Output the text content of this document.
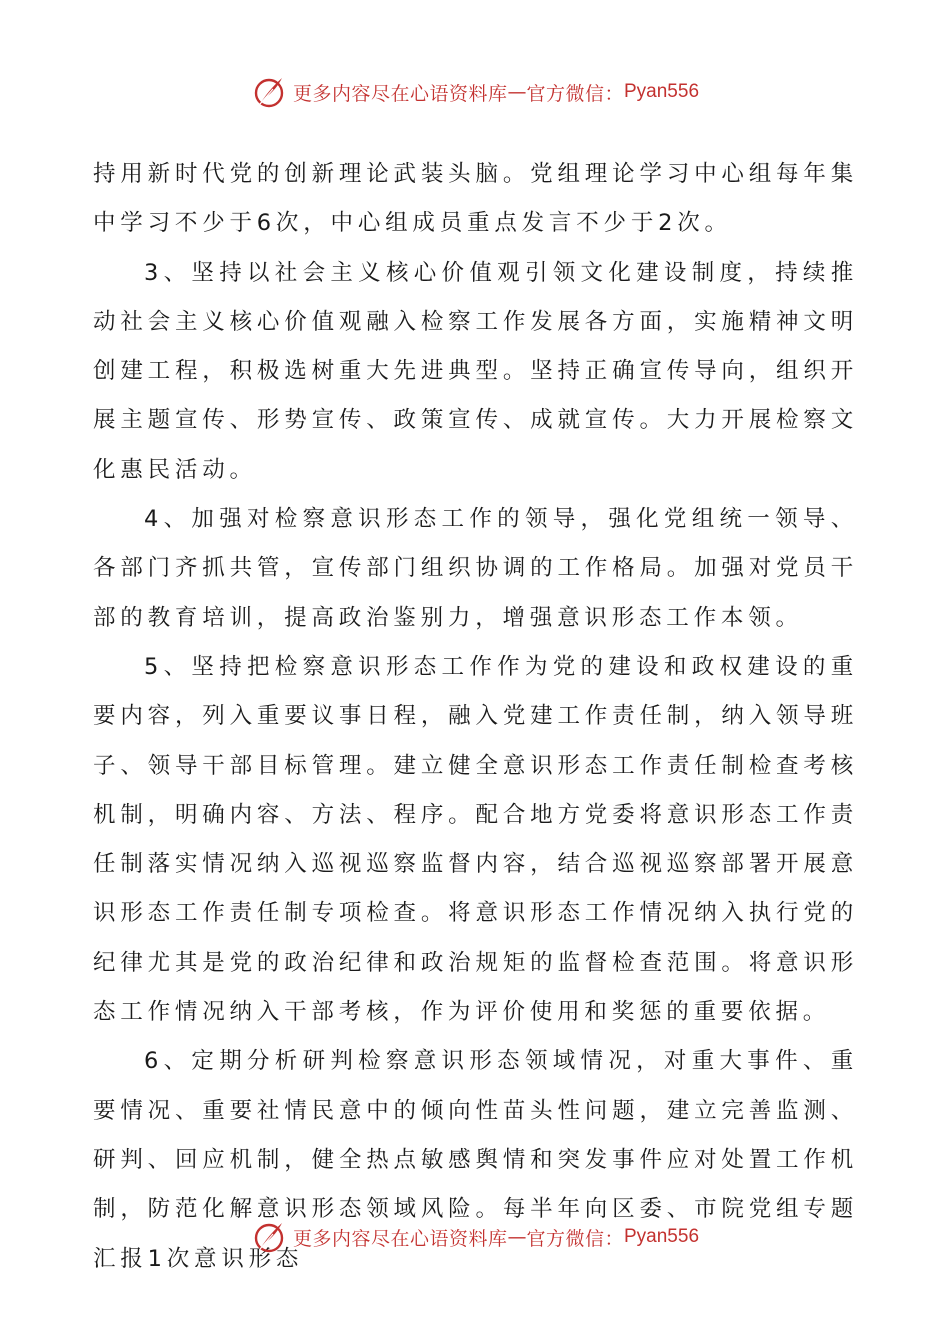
更多内容尽在心语资料库 — 官方微信： Pyan556

持用新时代党的创新理论武装头脑。党组理论学习中心组每年集中学习不少于6次，中心组成员重点发言不少于2次。

3、坚持以社会主义核心价值观引领文化建设制度，持续推动社会主义核心价值观融入检察工作发展各方面，实施精神文明创建工程，积极选树重大先进典型。坚持正确宣传导向，组织开展主题宣传、形势宣传、政策宣传、成就宣传。大力开展检察文化惠民活动。

4、加强对检察意识形态工作的领导，强化党组统一领导、各部门齐抓共管，宣传部门组织协调的工作格局。加强对党员干部的教育培训，提高政治鉴别力，增强意识形态工作本领。

5、坚持把检察意识形态工作作为党的建设和政权建设的重要内容，列入重要议事日程，融入党建工作责任制，纳入领导班子、领导干部目标管理。建立健全意识形态工作责任制检查考核机制，明确内容、方法、程序。配合地方党委将意识形态工作责任制落实情况纳入巡视巡察监督内容，结合巡视巡察部署开展意识形态工作责任制专项检查。将意识形态工作情况纳入执行党的纪律尤其是党的政治纪律和政治规矩的监督检查范围。将意识形态工作情况纳入干部考核，作为评价使用和奖惩的重要依据。

6、定期分析研判检察意识形态领域情况，对重大事件、重要情况、重要社情民意中的倾向性苗头性问题，建立完善监测、研判、回应机制，健全热点敏感舆情和突发事件应对处置工作机制，防范化解意识形态领域风险。每半年向区委、市院党组专题汇报1次意识形态

更多内容尽在心语资料库 — 官方微信： Pyan556
